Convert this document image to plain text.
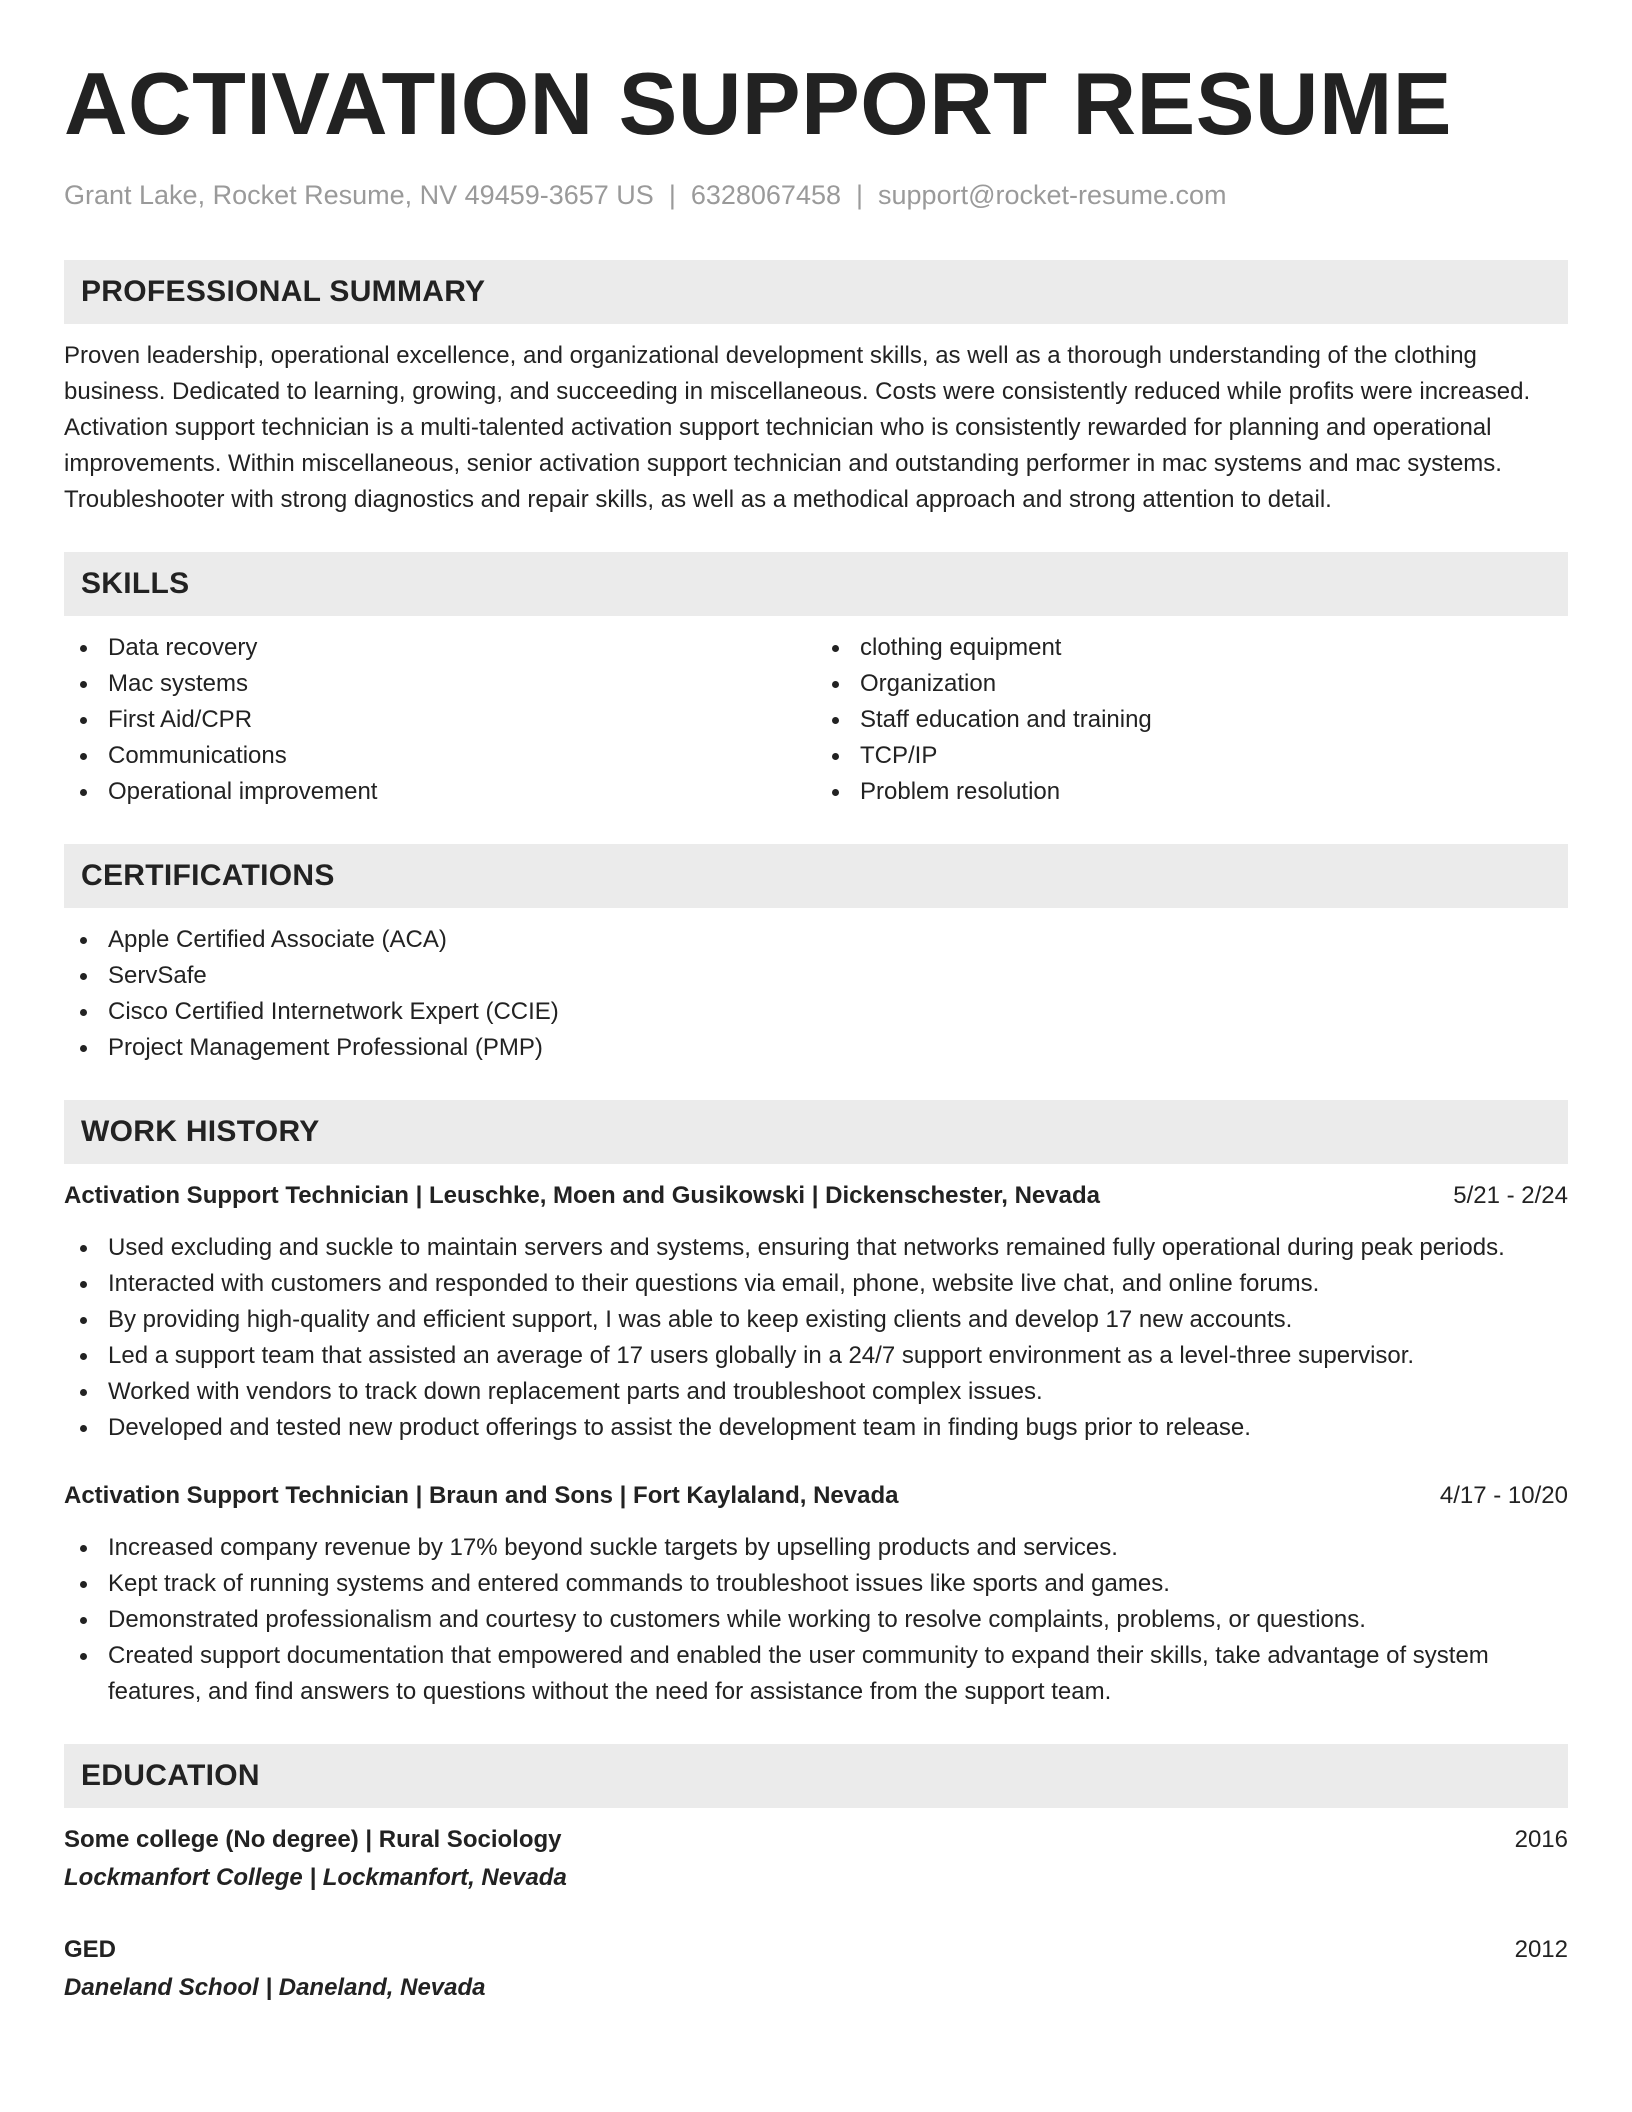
ACTIVATION SUPPORT RESUME
Grant Lake, Rocket Resume, NV 49459-3657 US | 6328067458 | support@rocket-resume.com
PROFESSIONAL SUMMARY

Proven leadership, operational excellence, and organizational development skills, as well as a thorough understanding of the clothing business. Dedicated to learning, growing, and succeeding in miscellaneous. Costs were consistently reduced while profits were increased. Activation support technician is a multi-talented activation support technician who is consistently rewarded for planning and operational improvements. Within miscellaneous, senior activation support technician and outstanding performer in mac systems and mac systems. Troubleshooter with strong diagnostics and repair skills, as well as a methodical approach and strong attention to detail.

SKILLS
Data recovery
Mac systems
First Aid/CPR
Communications
Operational improvement
clothing equipment
Organization
Staff education and training
TCP/IP
Problem resolution
CERTIFICATIONS
Apple Certified Associate (ACA)
ServSafe
Cisco Certified Internetwork Expert (CCIE)
Project Management Professional (PMP)
WORK HISTORY
Activation Support Technician | Leuschke, Moen and Gusikowski | Dickenschester, Nevada	5/21 - 2/24
Used excluding and suckle to maintain servers and systems, ensuring that networks remained fully operational during peak periods.
Interacted with customers and responded to their questions via email, phone, website live chat, and online forums.
By providing high-quality and efficient support, I was able to keep existing clients and develop 17 new accounts.
Led a support team that assisted an average of 17 users globally in a 24/7 support environment as a level-three supervisor.
Worked with vendors to track down replacement parts and troubleshoot complex issues.
Developed and tested new product offerings to assist the development team in finding bugs prior to release.
Activation Support Technician | Braun and Sons | Fort Kaylaland, Nevada	4/17 - 10/20
Increased company revenue by 17% beyond suckle targets by upselling products and services.
Kept track of running systems and entered commands to troubleshoot issues like sports and games.
Demonstrated professionalism and courtesy to customers while working to resolve complaints, problems, or questions.
Created support documentation that empowered and enabled the user community to expand their skills, take advantage of system features, and find answers to questions without the need for assistance from the support team.
EDUCATION
Some college (No degree) | Rural Sociology	2016
Lockmanfort College | Lockmanfort, Nevada
GED	2012
Daneland School | Daneland, Nevada
